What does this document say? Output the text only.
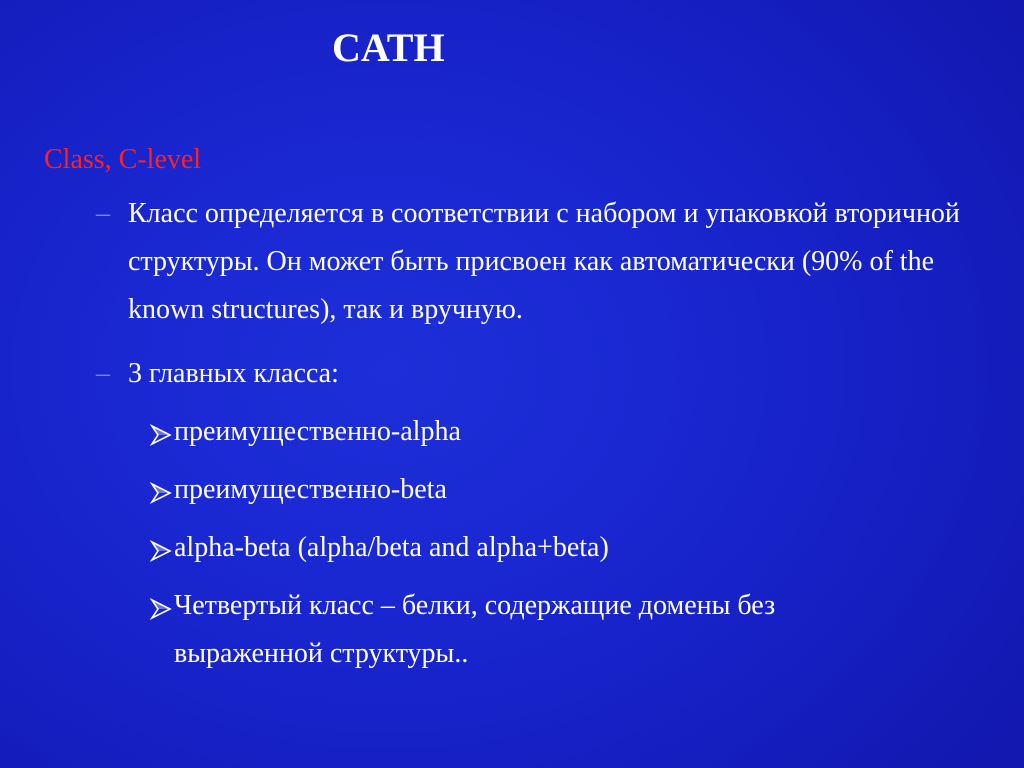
CATH

Class, C-level

– Класс определяется в соответствии с набором и упаковкой вторичной структуры. Он может быть присвоен как автоматически (90% of the known structures), так и вручную.
– 3 главных класса:
преимущественно-alpha
преимущественно-beta
alpha-beta (alpha/beta and alpha+beta)
Четвертый класс – белки, содержащие домены без выраженной структуры..
